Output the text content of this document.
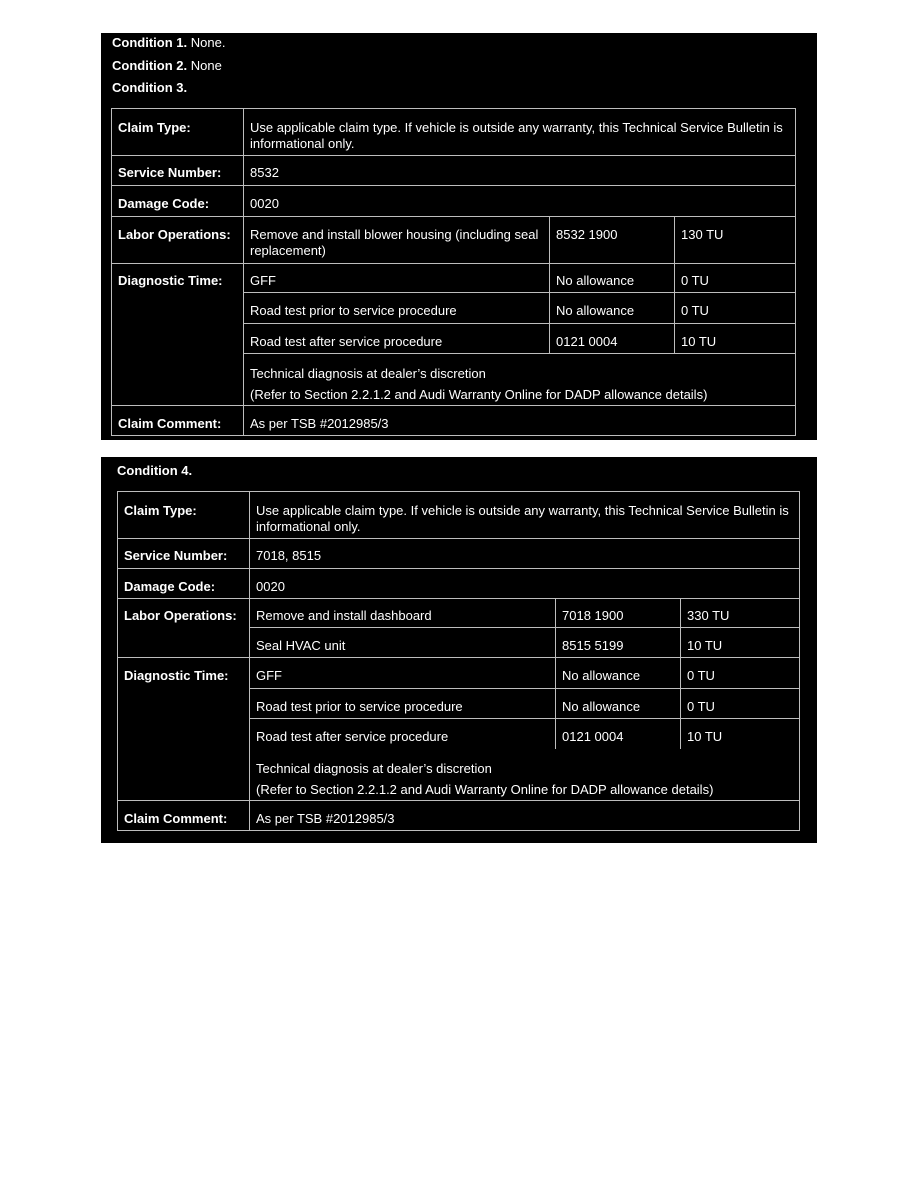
Condition 1. None.
Condition 2. None
Condition 3.
Claim Type:	Use applicable claim type. If vehicle is outside any warranty, this Technical Service Bulletin is informational only.		
Service Number:	8532		
Damage Code:	0020		
Labor Operations:	Remove and install blower housing (including seal replacement)	8532 1900	130 TU
Diagnostic Time:	GFF	No allowance	0 TU
	Road test prior to service procedure	No allowance	0 TU
	Road test after service procedure	0121 0004	10 TU

	Technical diagnosis at dealer’s discretion
(Refer to Section 2.2.1.2 and Audi Warranty Online for DADP allowance details)		

Claim Comment:	As per TSB #2012985/3		
Condition 4.
Claim Type:	Use applicable claim type. If vehicle is outside any warranty, this Technical Service Bulletin is informational only.		
Service Number:	7018, 8515		
Damage Code:	0020		
Labor Operations:	Remove and install dashboard	7018 1900	330 TU
	Seal HVAC unit	8515 5199	10 TU
Diagnostic Time:	GFF	No allowance	0 TU
	Road test prior to service procedure	No allowance	0 TU
	Road test after service procedure	0121 0004	10 TU

	Technical diagnosis at dealer’s discretion
(Refer to Section 2.2.1.2 and Audi Warranty Online for DADP allowance details)		

Claim Comment:	As per TSB #2012985/3		
